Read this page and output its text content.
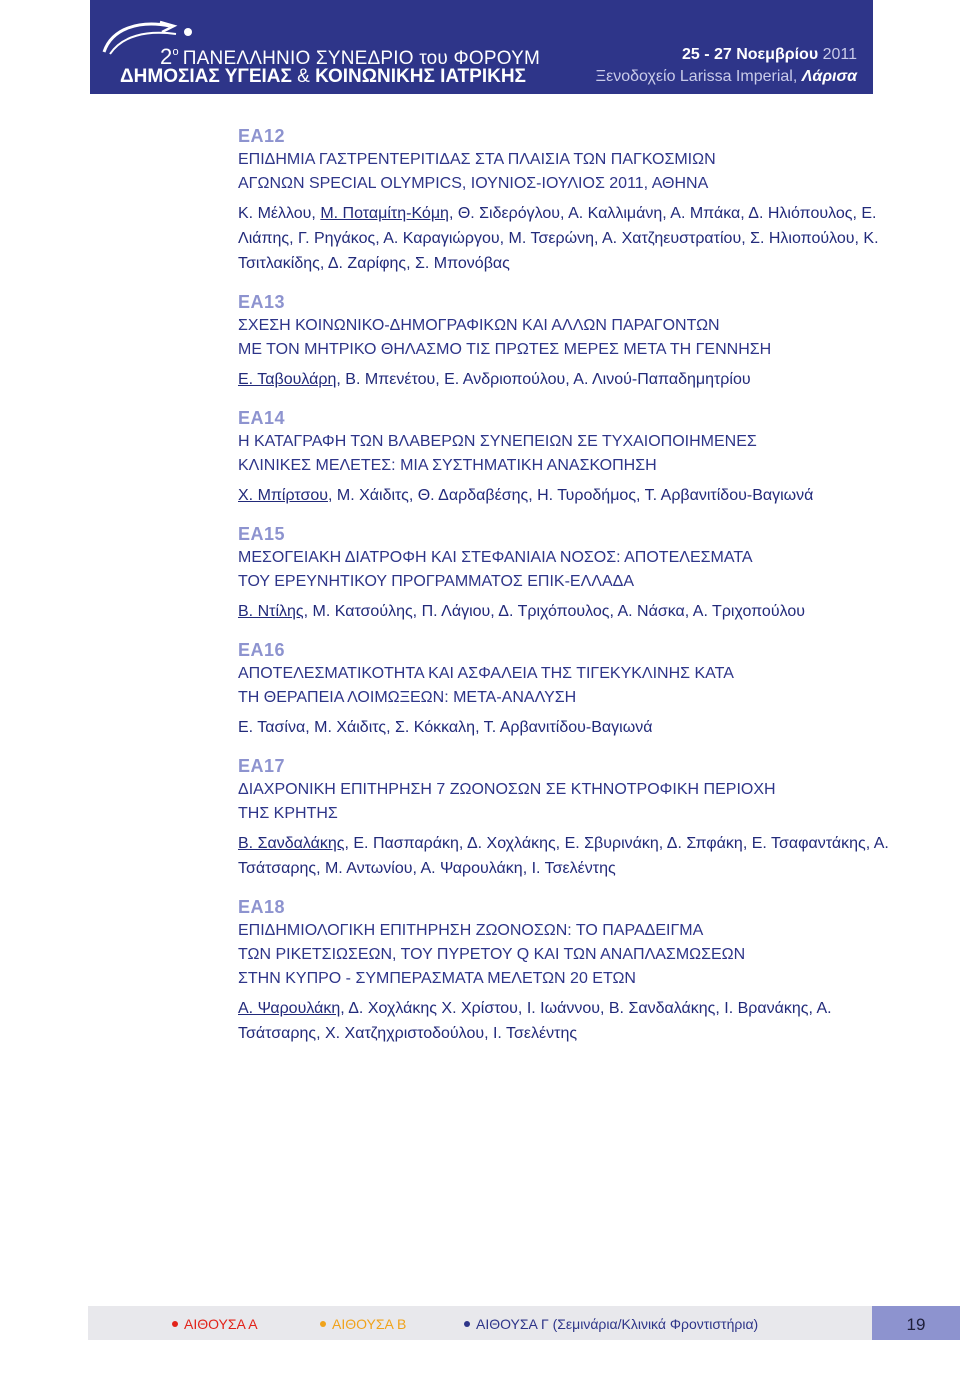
$2^o$ ΠΑΝΕΛΛΗΝΙΟ ΣΥΝΕΔΡΙΟ του ΦΟΡΟΥΜ
ΔΗΜΟΣΙΑΣ ΥΓΕΙΑΣ & ΚΟΙΝΩΝΙΚΗΣ ΙΑΤΡΙΚΗΣ
25 - 27 Νοεμβρίου 2011
Ξενοδοχείο Larissa Imperial, Λάρισα

ΕΑ12

ΕΠΙΔΗΜΙΑ ΓΑΣΤΡΕΝΤΕΡΙΤΙΔΑΣ ΣΤΑ ΠΛΑΙΣΙΑ ΤΩΝ ΠΑΓΚΟΣΜΙΩΝ
ΑΓΩΝΩΝ SPECIAL OLYMPICS, ΙΟΥΝΙΟΣ-ΙΟΥΛΙΟΣ 2011, ΑΘΗΝΑ

Κ. Μέλλου, Μ. Ποταμίτη-Κόμη, Θ. Σιδερόγλου, Α. Καλλιμάνη, Α. Μπάκα, Δ. Ηλιόπουλος, Ε. Λιάπης, Γ. Ρηγάκος, Α. Καραγιώργου, Μ. Τσερώνη, Α. Χατζηευστρατίου, Σ. Ηλιοπούλου, Κ. Τσιτλακίδης, Δ. Ζαρίφης, Σ. Μπονόβας

ΕΑ13

ΣΧΕΣΗ ΚΟΙΝΩΝΙΚΟ-ΔΗΜΟΓΡΑΦΙΚΩΝ ΚΑΙ ΑΛΛΩΝ ΠΑΡΑΓΟΝΤΩΝ
ΜΕ ΤΟΝ ΜΗΤΡΙΚΟ ΘΗΛΑΣΜΟ ΤΙΣ ΠΡΩΤΕΣ ΜΕΡΕΣ ΜΕΤΑ ΤΗ ΓΕΝΝΗΣΗ

Ε. Ταβουλάρη, Β. Μπενέτου, Ε. Ανδριοπούλου, Α. Λινού-Παπαδημητρίου

ΕΑ14

Η ΚΑΤΑΓΡΑΦΗ ΤΩΝ ΒΛΑΒΕΡΩΝ ΣΥΝΕΠΕΙΩΝ ΣΕ ΤΥΧΑΙΟΠΟΙΗΜΕΝΕΣ
ΚΛΙΝΙΚΕΣ ΜΕΛΕΤΕΣ: ΜΙΑ ΣΥΣΤΗΜΑΤΙΚΗ ΑΝΑΣΚΟΠΗΣΗ

Χ. Μπίρτσου, Μ. Χάιδιτς, Θ. Δαρδαβέσης, Η. Τυροδήμος, Τ. Αρβανιτίδου-Βαγιωνά

ΕΑ15

ΜΕΣΟΓΕΙΑΚΗ ΔΙΑΤΡΟΦΗ ΚΑΙ ΣΤΕΦΑΝΙΑΙΑ ΝΟΣΟΣ: ΑΠΟΤΕΛΕΣΜΑΤΑ
ΤΟΥ ΕΡΕΥΝΗΤΙΚΟΥ ΠΡΟΓΡΑΜΜΑΤΟΣ ΕΠΙΚ-ΕΛΛΑΔΑ

Β. Ντίλης, Μ. Κατσούλης, Π. Λάγιου, Δ. Τριχόπουλος, Α. Νάσκα, Α. Τριχοπούλου

ΕΑ16

ΑΠΟΤΕΛΕΣΜΑΤΙΚΟΤΗΤΑ ΚΑΙ ΑΣΦΑΛΕΙΑ ΤΗΣ ΤΙΓΕΚΥΚΛΙΝΗΣ ΚΑΤΑ
ΤΗ ΘΕΡΑΠΕΙΑ ΛΟΙΜΩΞΕΩΝ: ΜΕΤΑ-ΑΝΑΛΥΣΗ

Ε. Τασίνα, Μ. Χάιδιτς, Σ. Κόκκαλη, Τ. Αρβανιτίδου-Βαγιωνά

ΕΑ17

ΔΙΑΧΡΟΝΙΚΗ ΕΠΙΤΗΡΗΣΗ 7 ΖΩΟΝΟΣΩΝ ΣΕ ΚΤΗΝΟΤΡΟΦΙΚΗ ΠΕΡΙΟΧΗ
ΤΗΣ ΚΡΗΤΗΣ

Β. Σανδαλάκης, Ε. Πασπαράκη, Δ. Χοχλάκης, Ε. Σβυρινάκη, Δ. Σπφάκη, Ε. Τσαφαντάκης, Α. Τσάτσαρης, Μ. Αντωνίου, Α. Ψαρουλάκη, Ι. Τσελέντης

ΕΑ18

ΕΠΙΔΗΜΙΟΛΟΓΙΚΗ ΕΠΙΤΗΡΗΣΗ ΖΩΟΝΟΣΩΝ: ΤΟ ΠΑΡΑΔΕΙΓΜΑ
ΤΩΝ ΡΙΚΕΤΣΙΩΣΕΩΝ, ΤΟΥ ΠΥΡΕΤΟΥ Q ΚΑΙ ΤΩΝ ΑΝΑΠΛΑΣΜΩΣΕΩΝ
ΣΤΗΝ ΚΥΠΡΟ - ΣΥΜΠΕΡΑΣΜΑΤΑ ΜΕΛΕΤΩΝ 20 ΕΤΩΝ

Α. Ψαρουλάκη, Δ. Χοχλάκης Χ. Χρίστου, Ι. Ιωάννου, Β. Σανδαλάκης, Ι. Βρανάκης, Α. Τσάτσαρης, Χ. Χατζηχριστοδούλου, Ι. Τσελέντης

ΑΙΘΟΥΣΑ Α	ΑΙΘΟΥΣΑ Β	ΑΙΘΟΥΣΑ Γ (Σεμινάρια/Κλινικά Φροντιστήρια)	19
